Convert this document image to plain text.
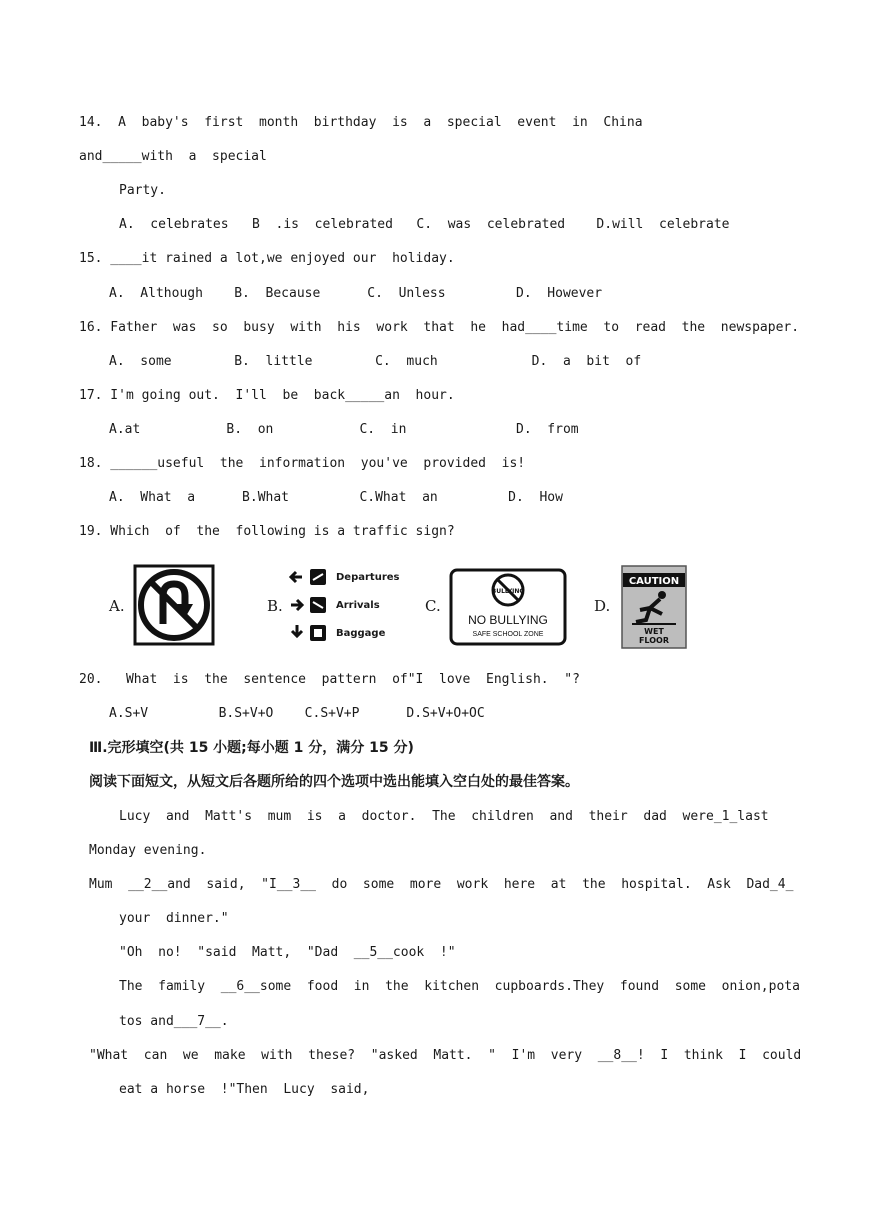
14.  A  baby's  first  month  birthday  is  a  special  event  in  China
and_____with  a  special
Party.
A.  celebrates   B  .is  celebrated   C.  was  celebrated    D.will  celebrate
15. ____it rained a lot,we enjoyed our  holiday.
A.  Although    B.  Because      C.  Unless         D.  However
16. Father  was  so  busy  with  his  work  that  he  had____time  to  read  the  newspaper.
A.  some        B.  little        C.  much            D.  a  bit  of
17. I'm going out.  I'll  be  back_____an  hour.
A.at           B.  on           C.  in              D.  from
18. ______useful  the  information  you've  provided  is!
A.  What  a      B.What         C.What  an         D.  How
19. Which  of  the  following is a traffic sign?
A.	B.
Departures
Arrivals
Baggage
C.
BULLYING
NO BULLYING
SAFE SCHOOL ZONE
D.
CAUTION
WET
FLOOR
20.   What  is  the  sentence  pattern  of"I  love  English.  "?
A.S+V         B.S+V+O    C.S+V+P      D.S+V+O+OC
Ⅲ.完形填空(共 15 小题;每小题 1 分，满分 15 分)
阅读下面短文，从短文后各题所给的四个选项中选出能填入空白处的最佳答案。
Lucy  and  Matt's  mum  is  a  doctor.  The  children  and  their  dad  were_1_last
Monday evening.
Mum  __2__and  said,  "I__3__  do  some  more  work  here  at  the  hospital.  Ask  Dad_4_
your  dinner."
"Oh  no!  "said  Matt,  "Dad  __5__cook  !"
The  family  __6__some  food  in  the  kitchen  cupboards.They  found  some  onion,pota
tos and___7__.
"What  can  we  make  with  these?  "asked  Matt.  "  I'm  very  __8__!  I  think  I  could
eat a horse  !"Then  Lucy  said,
